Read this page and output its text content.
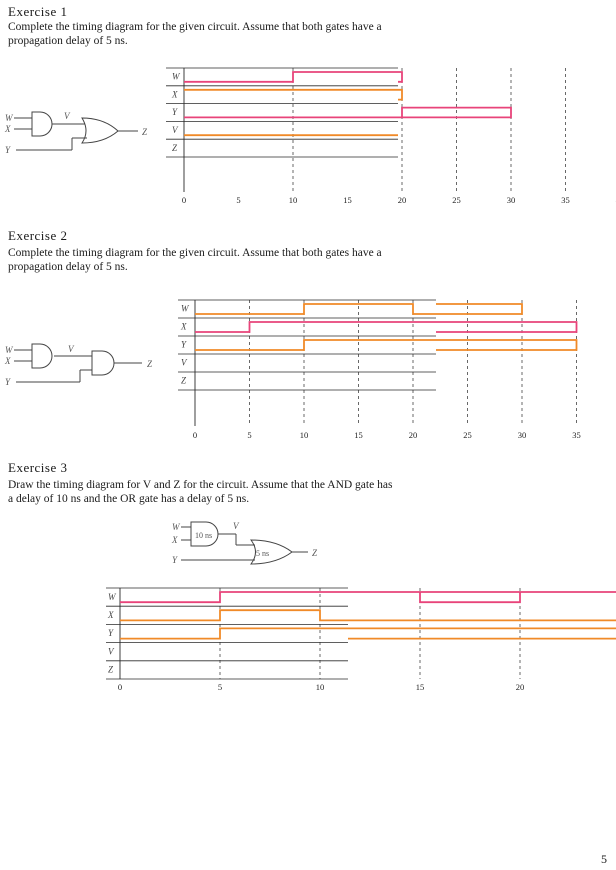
Exercise 1
Complete the timing diagram for the given circuit. Assume that both gates have a
propagation delay of 5 ns.
Exercise 2
Complete the timing diagram for the given circuit. Assume that both gates have a
propagation delay of 5 ns.
Exercise 3
Draw the timing diagram for V and Z for the circuit. Assume that the AND gate has
a delay of 10 ns and the OR gate has a delay of 5 ns.
W
X
Y
V
Z
W
X
Y
V
Z
W
X
Y
V
Z
10 ns
5 ns
W
X
Y
V
Z
0	5	10	15	20	25	30	35
W
X
Y
V
Z
0	5	10	15	20	25	30	35
W
X
Y
V
Z
0	5	10	15	20
5
